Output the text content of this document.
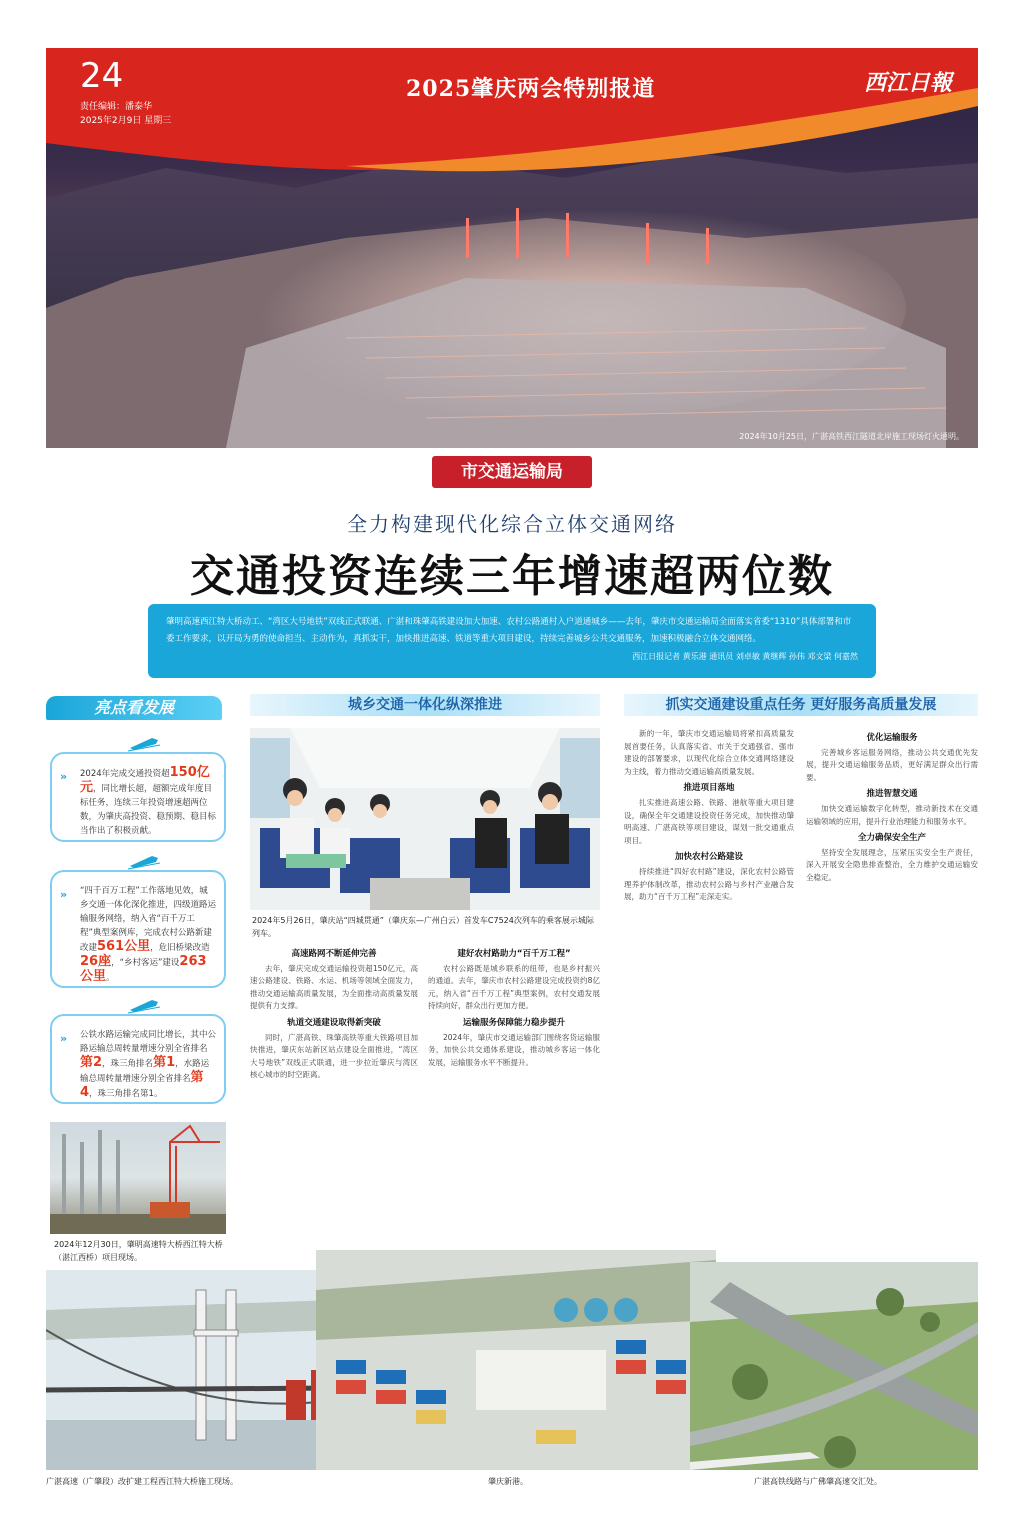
24
责任编辑：潘泰华
2025年2月9日 星期三
2025肇庆两会特别报道	西江日報
2024年10月25日，广湛高铁西江隧道北岸施工现场灯火通明。
市交通运输局
全力构建现代化综合立体交通网络
交通投资连续三年增速超两位数
肇明高速西江特大桥动工、“湾区大号地铁”双线正式联通、广湛和珠肇高铁建设加大加速、农村公路通村入户道通城乡——去年，肇庆市交通运输局全面落实省委“1310”具体部署和市委工作要求，以开局为勇的使命担当、主动作为，真抓实干，加快推进高速、铁道等重大项目建设，持续完善城乡公共交通服务，加速积极融合立体交通网络。
西江日报记者 黄乐港 通讯员 刘卓敏 黄继辉 孙伟 邓文梁 何嘉然
亮点看发展
» 2024年完成交通投资超150亿元，同比增长超，超额完成年度目标任务，连续三年投资增速超两位数，为肇庆高投资、稳预期、稳目标当作出了积极贡献。
» “四千百万工程”工作落地见效，城乡交通一体化深化推进，四级道路运输服务网络，纳入省“百千万工程”典型案例库，完成农村公路新建改建561公里，危旧桥梁改造26座，“乡村客运”建设263公里。
» 公铁水路运输完成同比增长，其中公路运输总周转量增速分别全省排名第2，珠三角排名第1，水路运输总周转量增速分别全省排名第4，珠三角排名第1。
2024年12月30日，肇明高速特大桥西江特大桥（湛江西桥）项目现场。
城乡交通一体化纵深推进
2024年5月26日，肇庆站“四城贯通”（肇庆东—广州白云）首发车C7524次列车的乘客展示城际列车。
高速路网不断延伸完善

去年，肇庆完成交通运输投资超150亿元，高速公路建设、铁路、水运、机场等领域全面发力，推动交通运输高质量发展，为全面推动高质量发展提供有力支撑。

轨道交通建设取得新突破

同时，广湛高铁、珠肇高铁等重大铁路项目加快推进，肇庆东站新区站点建设全面推进，“湾区大号地铁”双线正式联通，进一步拉近肇庆与湾区核心城市的时空距离。

建好农村路助力“百千万工程”

农村公路既是城乡联系的纽带，也是乡村振兴的通道。去年，肇庆市农村公路建设完成投资约8亿元，纳入省“百千万工程”典型案例，农村交通发展持续向好，群众出行更加方便。

运输服务保障能力稳步提升

2024年，肇庆市交通运输部门围绕客货运输服务，加快公共交通体系建设，推动城乡客运一体化发展，运输服务水平不断提升。

抓实交通建设重点任务 更好服务高质量发展

新的一年，肇庆市交通运输局将紧扣高质量发展首要任务，认真落实省、市关于交通强省、强市建设的部署要求，以现代化综合立体交通网络建设为主线，着力推动交通运输高质量发展。

推进项目落地

扎实推进高速公路、铁路、港航等重大项目建设，确保全年交通建设投资任务完成，加快推动肇明高速、广湛高铁等项目建设，谋划一批交通重点项目。

加快农村公路建设

持续推进“四好农村路”建设，深化农村公路管理养护体制改革，推动农村公路与乡村产业融合发展，助力“百千万工程”走深走实。

优化运输服务

完善城乡客运服务网络，推动公共交通优先发展，提升交通运输服务品质，更好满足群众出行需要。

推进智慧交通

加快交通运输数字化转型，推动新技术在交通运输领域的应用，提升行业治理能力和服务水平。

全力确保安全生产

坚持安全发展理念，压紧压实安全生产责任，深入开展安全隐患排查整治，全力维护交通运输安全稳定。

广湛高速（广肇段）改扩建工程西江特大桥施工现场。	肇庆新港。	广湛高铁线路与广佛肇高速交汇处。
